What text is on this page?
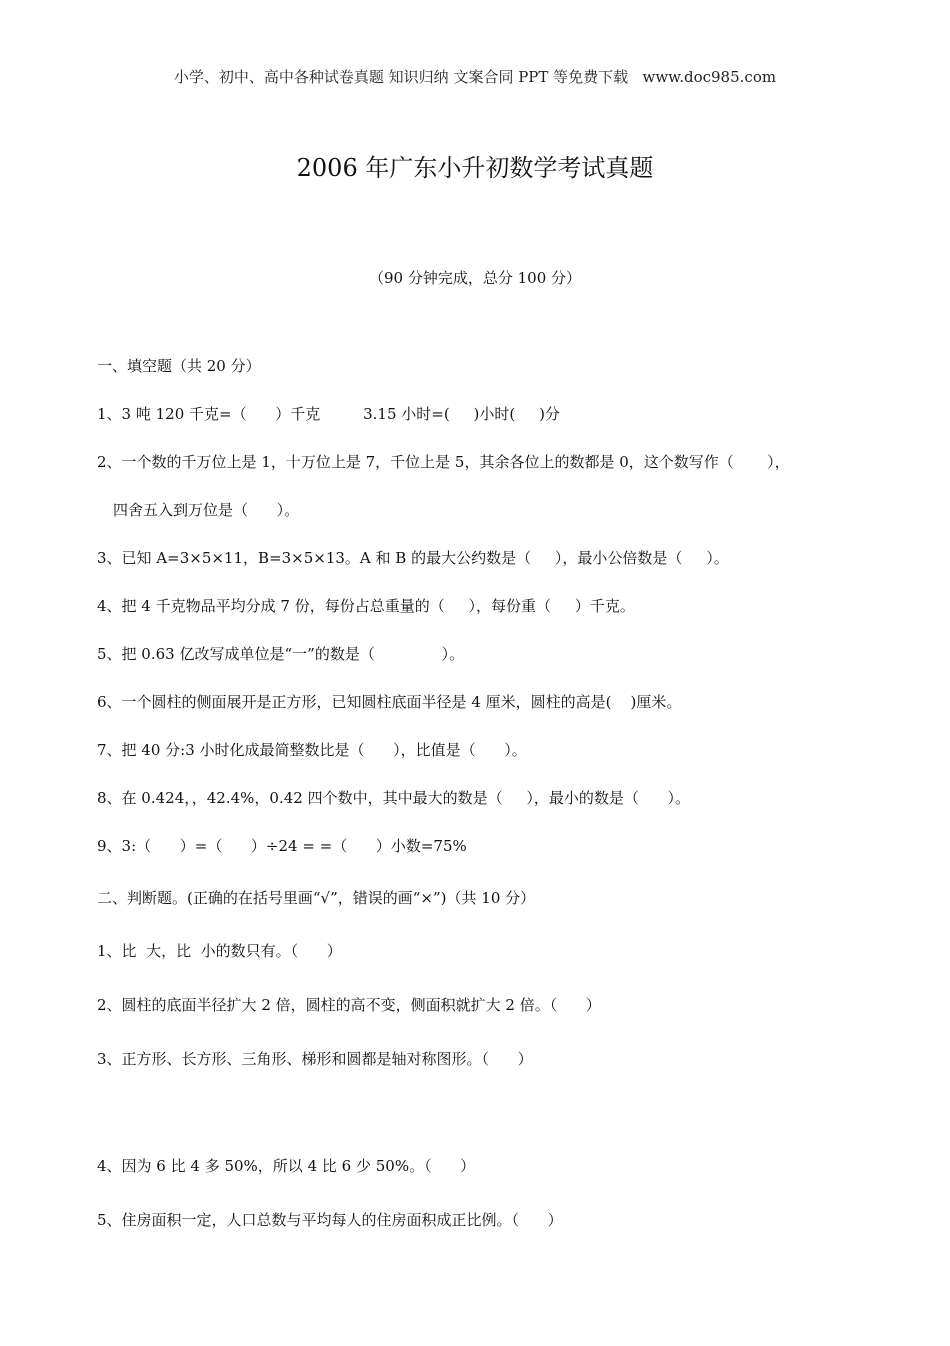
小学、初中、高中各种试卷真题 知识归纳 文案合同 PPT 等免费下载   www.doc985.com
2006 年广东小升初数学考试真题
（90 分钟完成，总分 100 分）
一、填空题（共 20 分）
1、3 吨 120 千克=（      ）千克         3.15 小时=(     )小时(     )分
2、一个数的千万位上是 1，十万位上是 7，千位上是 5，其余各位上的数都是 0，这个数写作（       ），
四舍五入到万位是（      ）。
3、已知 A=3×5×11，B=3×5×13。A 和 B 的最大公约数是（     ），最小公倍数是（     ）。
4、把 4 千克物品平均分成 7 份，每份占总重量的（     ），每份重（     ）千克。
5、把 0.63 亿改写成单位是“一”的数是（              ）。
6、一个圆柱的侧面展开是正方形，已知圆柱底面半径是 4 厘米，圆柱的高是(    )厘米。
7、把 40 分:3 小时化成最简整数比是（      ），比值是（      ）。
8、在 0.424，，42.4%，0.42 四个数中，其中最大的数是（     ），最小的数是（      ）。
9、3:（      ）=（      ）÷24 = =（      ）小数=75%
二、判断题。(正确的在括号里画“√”，错误的画“×”)（共 10 分）
1、比  大，比  小的数只有。（      ）
2、圆柱的底面半径扩大 2 倍，圆柱的高不变，侧面积就扩大 2 倍。（      ）
3、正方形、长方形、三角形、梯形和圆都是轴对称图形。（      ）
4、因为 6 比 4 多 50%，所以 4 比 6 少 50%。（      ）
5、住房面积一定，人口总数与平均每人的住房面积成正比例。（      ）
